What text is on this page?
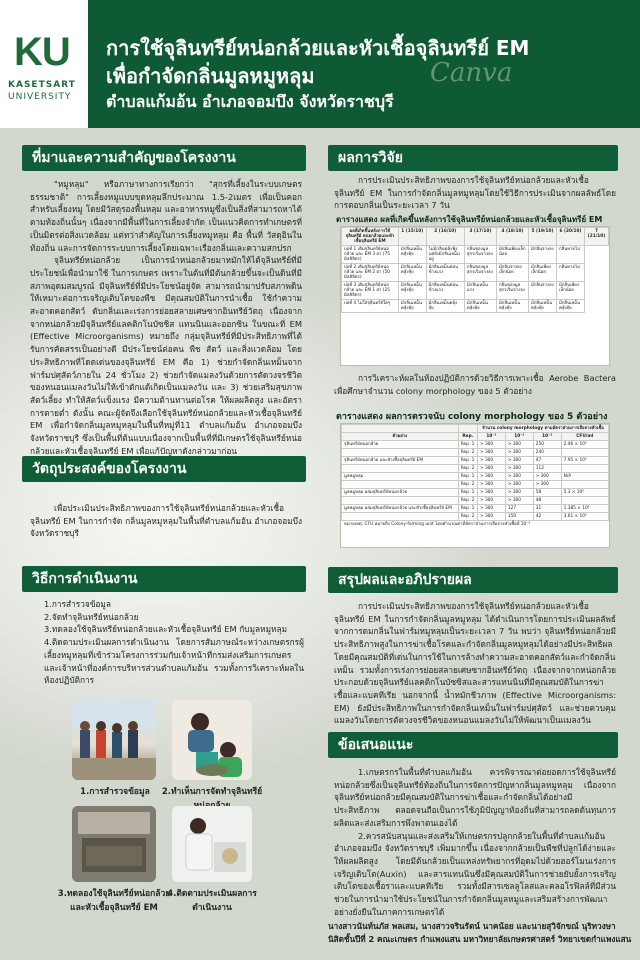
KU
KASETSART
UNIVERSITY
การใช้จุลินทรีย์หน่อกล้วยและหัวเชื้อจุลินทรีย์ EM
เพื่อกำจัดกลิ่นมูลหมูหลุม
ตำบลแก้มอ้น อำเภอจอมบึง จังหวัดราชบุรี
Canva
ที่มาและความสำคัญของโครงงาน

"หมูหลุม" หรือภาษาทางการเรียกว่า "สุกรที่เลี้ยงในระบบเกษตรธรรมชาติ" การเลี้ยงหมูแบบขุดหลุมลึกประมาณ 1.5-2เมตร เพื่อเป็นคอกสำหรับเลี้ยงหมู โดยมีวัสดุรองพื้นหลุม และอาหารหมูซึ่งเป็นสิ่งที่สามารถหาได้ตามท้องถิ่นนั้นๆ เนื่องจากมีพื้นที่ในการเลี้ยงจำกัด เป็นแนวคิดการทำเกษตรที่เป็นมิตรต่อสิ่งแวดล้อม แต่ทว่าสำคัญในการเลี้ยงหมูหลุม คือ พื้นที่ วัสดุอินในท้องถิ่น และการจัดการระบบการเลี้ยงโดยเฉพาะเรื่องกลิ่นและความสกปรก

จุลินทรีย์หน่อกล้วย เป็นการนำหน่อกล้วยมาหมักให้ได้จุลินทรีย์ที่มีประโยชน์เพื่อนำมาใช้ ในการเกษตร เพราะในต้นที่มีต้นกล้วยขึ้นจะเป็นดินที่มีสภาพอุดมสมบูรณ์ มีจุลินทรีย์ที่มีประโยชน์อยู่จัด สามารถนำมาปรับสภาพดินให้เหมาะต่อการเจริญเติบโตของพืช มีคุณสมบัติในการนำเชื้อ ใช้กำความสะอาดคอกสัตว์ ดับกลิ่นและเร่งการย่อยสลายเศษซากอินทรีย์วัตถุ เนื่องจากจากหน่อกล้วยมีจุลินทรีย์แลคติกโนบัซซิส แทนนินและออกซิน ในขณะที่ EM (Effective Microorganisms) หมายถึง กลุ่มจุลินทรีย์ที่มีประสิทธิภาพที่ได้รับการคัดสรรเป็นอย่างดี มีประโยชน์ต่อคน พืช สัตว์ และสิ่งแวดล้อม โดย ประสิทธิภาพที่โดดเด่นของจุลินทรีย์ EM คือ 1) ช่วยกำจัดกลิ่นเหม็นจากฟาร์มปศุสัตว์ภายใน 24 ชั่วโมง 2) ช่วยกำจัดแมลงวันด้วยการตัดวงจรชีวิตของหนอนแมลงวันไม่ให้เข้าดักแด้เกิดเป็นแมลงวัน และ 3) ช่วยเสริมสุขภาพสัตว์เลี้ยง ทำให้สัตว์แข็งแรง มีความต้านทานต่อโรค ให้ผลผลิตสูง และอัตราการตายต่ำ ดังนั้น คณะผู้จัดจึงเลือกใช้จุลินทรีย์หน่อกล้วยและหัวเชื้อจุลินทรีย์ EM เพื่อกำจัดกลิ่นมูลหมูหลุมในพื้นที่หมู่ที่11 ตำบลแก้มอ้น อำเภอจอมบึง จังหวัดราชบุรี ซึ่งเป็นพื้นที่ต้นแบบเนื่องจากเป็นพื้นที่ที่มีเกษตรใช้จุลินทรีย์หน่อกล้วยและหัวเชื้อจุลินทรีย์ EM เพื่อแก้ปัญหาดังกล่าวมาก่อน

วัตถุประสงค์ของโครงงาน

เพื่อประเมินประสิทธิภาพของการใช้จุลินทรีย์หน่อกล้วยและหัวเชื้อจุลินทรีย์ EM ในการกำจัด กลิ่นมูลหมูหลุมในพื้นที่ตำบลแก้มอ้น อำเภอจอมบึง จังหวัดราชบุรี

วิธีการดำเนินงาน
1.การสำรวจข้อมูล
2.จัดทำจุลินทรีย์หน่อกล้วย
3.ทดลองใช้จุลินทรีย์หน่อกล้วยและหัวเชื้อจุลินทรีย์ EM กับมูลหมูหลุม
4.ติดตามประเมินผลการดำเนินงาน โดยการสัมภาษณ์ระหว่างเกษตรกรผู้เลี้ยงหมูหลุมที่เข้าร่วมโครงการร่วมกับเจ้าหน้าที่กรมส่งเสริมการเกษตรและเจ้าหน้าที่องค์การบริหารส่วนตำบลแก้มอ้น รวมทั้งการวิเคราะห์ผลในห้องปฏิบัติการ
1.การสำรวจข้อมูล	2.ทำเห็นการจัดทำจุลินทรีย์
3.ทดลองใช้จุลินทรีย์หน่อกล้วยและหัวเชื้อจุลินทรีย์ EM
4.ติดตามประเมินผลการดำเนินงาน
ผลการวิจัย

การประเมินประสิทธิภาพของการใช้จุลินทรีย์หน่อกล้วยและหัวเชื้อจุลินทรีย์ EM ในการกำจัดกลิ่นมูลหมูหลุมโดยใช้วิธีการประเมินจากผลลัพธ์โดยการตอบกลิ่นเป็นระยะเวลา 7 วัน

ตารางแสดง ผลที่เกิดขึ้นหลังการใช้จุลินทรีย์หน่อกล้วยและหัวเชื้อจุลินทรีย์ EM
ผลที่เกิดขึ้นหลังการใช้ จุลินทรีย์ หน่อกล้วยและหัว เชื้อจุลินทรีย์ EM	1 (15/10)	2 (16/10)	3 (17/10)	4 (18/10)	5 (19/10)	6 (20/10)	7 (21/10)
บ่อที่ 1 เติมจุลินทรีย์หน่อกล้วย และ EM 3 ฝา (75 มิลลิลิตร)	มีกลิ่นเหม็นคลุ้งฟุ้ง	ไม่มีกลิ่นคลุ้งฟุ้ง แต่ยังมีกลิ่นเหม็นอยู่	กลิ่นของมูลสุกรเริ่มจางลง	มีกลิ่นเพียงเล็กน้อย	มีกลิ่นจางลง	กลิ่นหายไป	
บ่อที่ 2 เติมจุลินทรีย์หน่อกล้วย และ EM 2 ฝา (50 มิลลิลิตร)	มีกลิ่นเหม็นคลุ้งฟุ้ง	มีกลิ่นเหม็นค่อนข้างแรง	กลิ่นของมูลสุกรเริ่มจางลง	มีกลิ่นจางลงเล็กน้อย	มีกลิ่นเพียงเล็กน้อย	กลิ่นหายไป	
บ่อที่ 3 เติมจุลินทรีย์หน่อกล้วย และ EM 1 ฝา (25 มิลลิลิตร)	มีกลิ่นเหม็นคลุ้งฟุ้ง	มีกลิ่นเหม็นค่อนข้างแรง	มีกลิ่นเหม็นแรง	กลิ่นของมูลสุกรเริ่มจางลง	มีกลิ่นจางลง	มีกลิ่นเพียงเล็กน้อย	
บ่อที่ 4 ไม่ใส่จุลินทรีย์ใดๆ	มีกลิ่นเหม็นคลุ้งฟุ้ง	มีกลิ่นเหม็นคลุ้งฟุ้ง	มีกลิ่นเหม็นคลุ้งฟุ้ง	มีกลิ่นเหม็นคลุ้งฟุ้ง	มีกลิ่นเหม็นคลุ้งฟุ้ง	มีกลิ่นเหม็นคลุ้งฟุ้ง	

การวิเคราะห์ผลในห้องปฏิบัติการด้วยวิธีการเพาะเชื้อ Aerobe Bactera เพื่อศึกษาจำนวน colony morphology ของ 5 ตัวอย่าง

ตารางแสดง ผลการตรวจนับ colony morphology ของ 5 ตัวอย่าง
		จำนวน colony morphology ตามอัตราส่วนการเจือจางหัวเชื้อ			
ตัวอย่าง	Rep.	10⁻¹	10⁻²	10⁻³	CFU/ml
จุลินทรีย์หน่อกล้วย	Rep. 1	> 300	> 300	250	2.46 × 10⁵
	Rep. 2	> 300	> 300	240	
จุลินทรีย์หน่อกล้วย และหัวเชื้อจุลินทรีย์ EM	Rep. 1	> 300	> 300	47	7.95 × 10⁵
	Rep. 2	> 300	> 300	112	
มูลหมูหลุม	Rep. 1	> 300	> 300	> 300	N/A
	Rep. 2	> 300	> 300	> 300	
มูลหมูหลุม ผสมจุลินทรีย์หน่อกล้วย	Rep. 1	> 300	> 300	58	5.3 × 10⁵
	Rep. 2	> 300	> 300	48	
มูลหมูหลุม ผสมจุลินทรีย์หน่อกล้วย และหัวเชื้อจุลินทรีย์ EM	Rep. 1	> 300	127	31	1.385 × 10⁶
	Rep. 2	> 300	150	42	3.61 × 10⁵
หมายเหตุ: CFU หมายถึง Colony-forming unit โดยคำนวณค่าที่อัตราส่วนการเจือจางหัวเชื้อที่ 10⁻³
สรุปผลและอภิปรายผล

การประเมินประสิทธิภาพของการใช้จุลินทรีย์หน่อกล้วยและหัวเชื้อจุลินทรีย์ EM ในการกำจัดกลิ่นมูลหมูหลุม ได้ดำเนินการโดยการประเมินผลลัพธ์จากการดมกลิ่นในฟาร์มหมูหลุมเป็นระยะเวลา 7 วัน พบว่า จุลินทรีย์หน่อกล้วยมีประสิทธิภาพสูงในการฆ่าเชื้อโรคและกำจัดกลิ่นมูลหมูหลุมได้อย่างมีประสิทธิผล โดยมีคุณสมบัติที่เด่นในการใช้ในการล้างทำความสะอาดคอกสัตว์และกำจัดกลิ่นเหม็น รวมทั้งการเร่งการย่อยสลายเศษซากอินทรีย์วัตถุ เนื่องจากจากหน่อกล้วยประกอบด้วยจุลินทรีย์แลคติกโนบัซซิสและสารแทนนินที่มีคุณสมบัติในการฆ่าเชื้อและแบคทีเรีย นอกจากนี้ น้ำหมักชีวภาพ (Effective Microorganisms: EM) ยังมีประสิทธิภาพในการกำจัดกลิ่นเหม็นในฟาร์มปศุสัตว์ และช่วยควบคุมแมลงวันโดยการตัดวงจรชีวิตของหนอนแมลงวันไม่ให้พัฒนาเป็นแมลงวัน

ข้อเสนอแนะ

1.เกษตรกรในพื้นที่ตำบลแก้มอ้น ควรพิจารณาต่อยอดการใช้จุลินทรีย์หน่อกล้วยซึ่งเป็นจุลินทรีย์ท้องถิ่นในการจัดการปัญหากลิ่นมูลหมูหลุม เนื่องจากจุลินทรีย์หน่อกล้วยมีคุณสมบัติในการฆ่าเชื้อและกำจัดกลิ่นได้อย่างมีประสิทธิภาพ ตลอดจนถือเป็นการใช้ภูมิปัญญาท้องถิ่นที่สามารถลดต้นทุนการผลิตและส่งเสริมการพึ่งพาตนเองได้

2.ควรสนับสนุนและส่งเสริมให้เกษตรกรปลูกกล้วยในพื้นที่ตำบลแก้มอ้น อำเภอจอมบึง จังหวัดราชบุรี เพิ่มมากขึ้น เนื่องจากกล้วยเป็นพืชที่ปลูกได้ง่ายและให้ผลผลิตสูง โดยมีต้นกล้วยเป็นแหล่งทรัพยากรที่อุดมไปด้วยฮอร์โมนเร่งการเจริญเติบโต(Auxin) และสารแทนนินซึ่งมีคุณสมบัติในการช่วยยับยั้งการเจริญเติบโตของเชื้อราและแบคทีเรีย รวมทั้งมีสารเซลลูโลสและคลอโรฟิลล์ที่มีส่วนช่วยในการนำมาใช้ประโยชน์ในการกำจัดกลิ่นมูลหมูและเสริมสร้างการพัฒนาอย่างยั่งยืนในภาคการเกษตรได้

นางสาวนันท์นภัส พลเสม, นางสาวจรินรัตน์ นาคน้อย และนายสุวิจักขณ์ นุริทวงษา
นิสิตชั้นปีที่ 2 คณะเกษตร กำแพงแสน มหาวิทยาลัยเกษตรศาสตร์ วิทยาเขตกำแพงแสน
